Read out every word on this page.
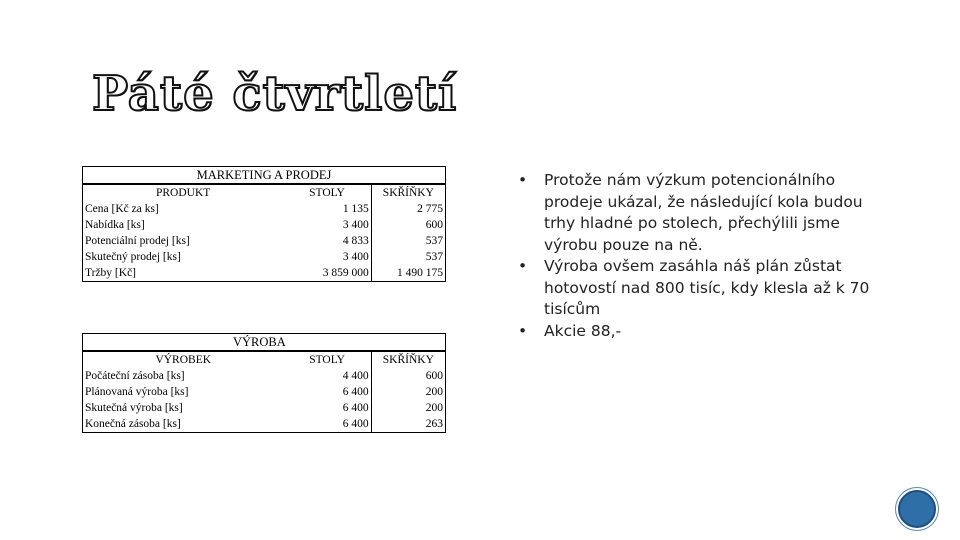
Páté čtvrtletí
MARKETING A PRODEJ		
PRODUKT	STOLY	SKŘÍŇKY
Cena [Kč za ks]	1 135	2 775
Nabídka [ks]	3 400	600
Potenciální prodej [ks]	4 833	537
Skutečný prodej [ks]	3 400	537
Tržby [Kč]	3 859 000	1 490 175
VÝROBA		
VÝROBEK	STOLY	SKŘÍŇKY
Počáteční zásoba [ks]	4 400	600
Plánovaná výroba [ks]	6 400	200
Skutečná výroba [ks]	6 400	200
Konečná zásoba [ks]	6 400	263
• Protože nám výzkum potencionálního prodeje ukázal, že následující kola budou trhy hladné po stolech, přechýlili jsme výrobu pouze na ně.
• Výroba ovšem zasáhla náš plán zůstat hotovostí nad 800 tisíc, kdy klesla až k 70 tisícům
• Akcie 88,-
